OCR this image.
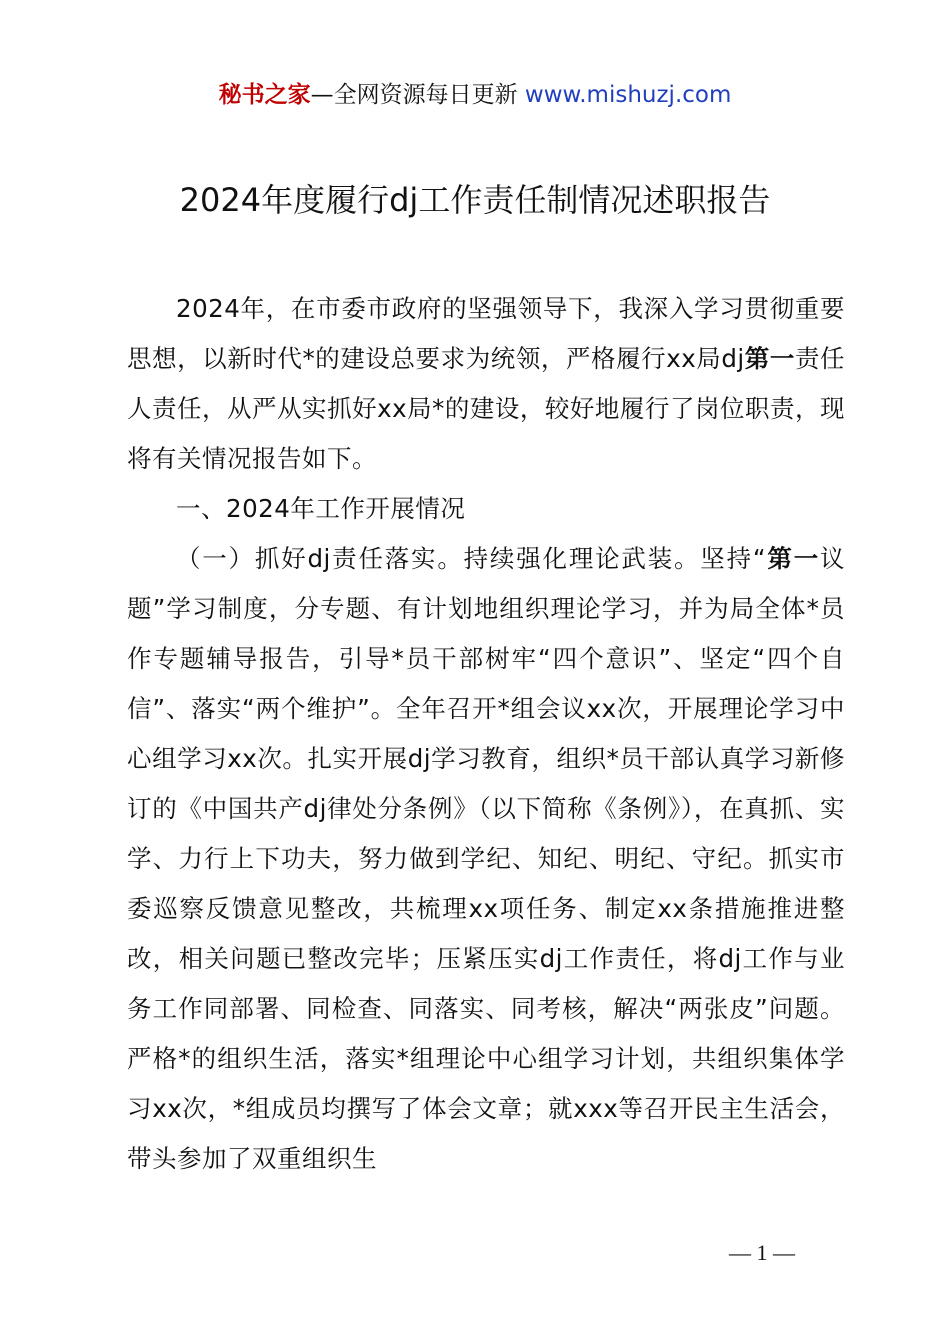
秘书之家—全网资源每日更新 www.mishuzj.com
2024年度履行dj工作责任制情况述职报告

2024年，在市委市政府的坚强领导下，我深入学习贯彻重要思想，以新时代*的建设总要求为统领，严格履行xx局dj第一责任人责任，从严从实抓好xx局*的建设，较好地履行了岗位职责，现将有关情况报告如下。

一、2024年工作开展情况

（一）抓好dj责任落实。持续强化理论武装。坚持“第一议题”学习制度，分专题、有计划地组织理论学习，并为局全体*员作专题辅导报告，引导*员干部树牢“四个意识”、坚定“四个自信”、落实“两个维护”。全年召开*组会议xx次，开展理论学习中心组学习xx次。扎实开展dj学习教育，组织*员干部认真学习新修订的《中国共产dj律处分条例》（以下简称《条例》），在真抓、实学、力行上下功夫，努力做到学纪、知纪、明纪、守纪。抓实市委巡察反馈意见整改，共梳理xx项任务、制定xx条措施推进整改，相关问题已整改完毕；压紧压实dj工作责任，将dj工作与业务工作同部署、同检查、同落实、同考核，解决“两张皮”问题。严格*的组织生活，落实*组理论中心组学习计划，共组织集体学习xx次，*组成员均撰写了体会文章；就xxx等召开民主生活会，带头参加了双重组织生

— 1 —
